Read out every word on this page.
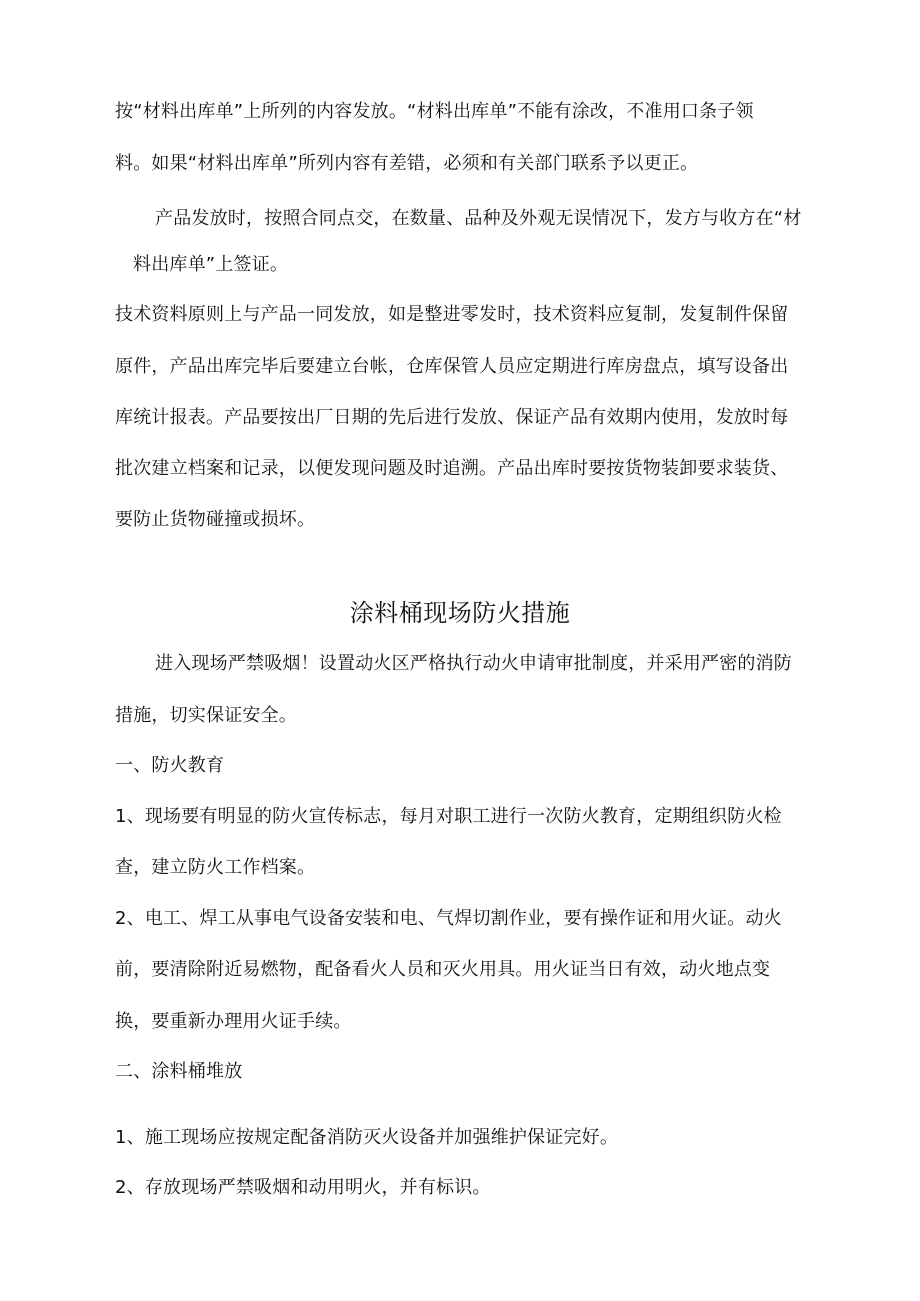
按“材料出库单”上所列的内容发放。“材料出库单”不能有涂改，不准用口条子领
料。如果“材料出库单”所列内容有差错，必须和有关部门联系予以更正。
产品发放时，按照合同点交，在数量、品种及外观无误情况下，发方与收方在“材
料出库单”上签证。
技术资料原则上与产品一同发放，如是整进零发时，技术资料应复制，发复制件保留
原件，产品出库完毕后要建立台帐，仓库保管人员应定期进行库房盘点，填写设备出
库统计报表。产品要按出厂日期的先后进行发放、保证产品有效期内使用，发放时每
批次建立档案和记录，以便发现问题及时追溯。产品出库时要按货物装卸要求装货、
要防止货物碰撞或损坏。
涂料桶现场防火措施
进入现场严禁吸烟！设置动火区严格执行动火申请审批制度，并采用严密的消防
措施，切实保证安全。
一、防火教育
1、现场要有明显的防火宣传标志，每月对职工进行一次防火教育，定期组织防火检
查，建立防火工作档案。
2、电工、焊工从事电气设备安装和电、气焊切割作业，要有操作证和用火证。动火
前，要清除附近易燃物，配备看火人员和灭火用具。用火证当日有效，动火地点变
换，要重新办理用火证手续。
二、涂料桶堆放
1、施工现场应按规定配备消防灭火设备并加强维护保证完好。
2、存放现场严禁吸烟和动用明火，并有标识。
